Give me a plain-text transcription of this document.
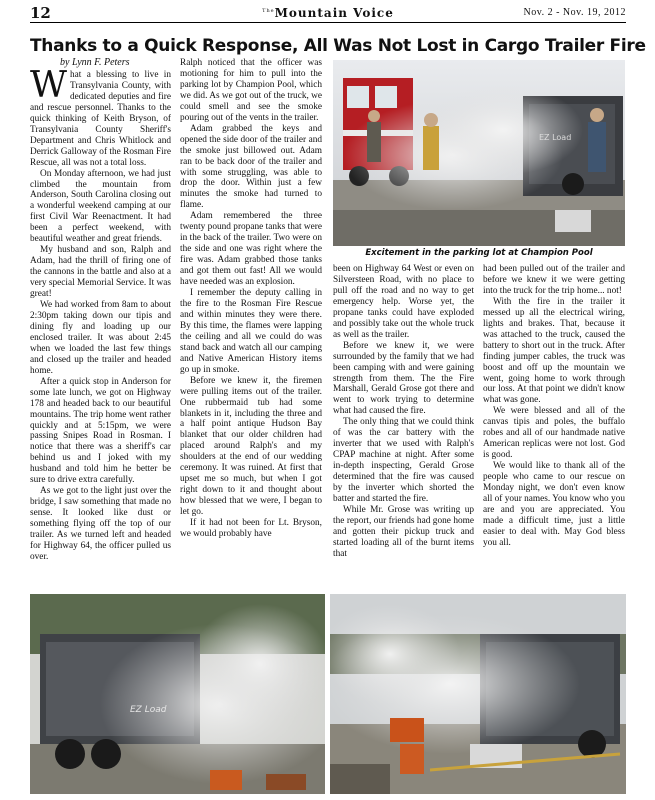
12	$^{The}$Mountain Voice	Nov. 2 - Nov. 19, 2012
Thanks to a Quick Response, All Was Not Lost in Cargo Trailer Fire
by Lynn F. Peters

What a blessing to live in Transylvania County, with dedicated deputies and fire and rescue personnel. Thanks to the quick thinking of Keith Bryson, of Transylvania County Sheriff's Department and Chris Whitlock and Derrick Galloway of the Rosman Fire Rescue, all was not a total loss.

On Monday afternoon, we had just climbed the mountain from Anderson, South Carolina closing out a wonderful weekend camping at our first Civil War Reenactment. It had been a perfect weekend, with beautiful weather and great friends.

My husband and son, Ralph and Adam, had the thrill of firing one of the cannons in the battle and also at a very special Memorial Service. It was great!

We had worked from 8am to about 2:30pm taking down our tipis and dining fly and loading up our enclosed trailer. It was about 2:45 when we loaded the last few things and closed up the trailer and headed home.

After a quick stop in Anderson for some late lunch, we got on Highway 178 and headed back to our beautiful mountains. The trip home went rather quickly and at 5:15pm, we were passing Snipes Road in Rosman. I notice that there was a sheriff's car behind us and I joked with my husband and told him he better be sure to drive extra carefully.

As we got to the light just over the bridge, I saw something that made no sense. It looked like dust or something flying off the top of our trailer. As we turned left and headed for Highway 64, the officer pulled us over.

Ralph noticed that the officer was motioning for him to pull into the parking lot by Champion Pool, which we did. As we got out of the truck, we could smell and see the smoke pouring out of the vents in the trailer.

Adam grabbed the keys and opened the side door of the trailer and the smoke just billowed out. Adam ran to be back door of the trailer and with some struggling, was able to drop the door. Within just a few minutes the smoke had turned to flame.

Adam remembered the three twenty pound propane tanks that were in the back of the trailer. Two were on the side and one was right where the fire was. Adam grabbed those tanks and got them out fast! All we would have needed was an explosion.

I remember the deputy calling in the fire to the Rosman Fire Rescue and within minutes they were there. By this time, the flames were lapping the ceiling and all we could do was stand back and watch all our camping and Native American History items go up in smoke.

Before we knew it, the firemen were pulling items out of the trailer. One rubbermaid tub had some blankets in it, including the three and a half point antique Hudson Bay blanket that our older children had placed around Ralph's and my shoulders at the end of our wedding ceremony. It was ruined. At first that upset me so much, but when I got right down to it and thought about how blessed that we were, I began to let go.

If it had not been for Lt. Bryson, we would probably have

EZ Load
Excitement in the parking lot at Champion Pool

been on Highway 64 West or even on Silversteen Road, with no place to pull off the road and no way to get emergency help. Worse yet, the propane tanks could have exploded and possibly take out the whole truck as well as the trailer.

Before we knew it, we were surrounded by the family that we had been camping with and were gaining strength from them. The the Fire Marshall, Gerald Grose got there and went to work trying to determine what had caused the fire.

The only thing that we could think of was the car battery with the inverter that we used with Ralph's CPAP machine at night. After some in-depth inspecting, Gerald Grose determined that the fire was caused by the inverter which shorted the batter and started the fire.

While Mr. Grose was writing up the report, our friends had gone home and gotten their pickup truck and started loading all of the burnt items that

had been pulled out of the trailer and before we knew it we were getting into the truck for the trip home... not!

With the fire in the trailer it messed up all the electrical wiring, lights and brakes. That, because it was attached to the truck, caused the battery to short out in the truck. After finding jumper cables, the truck was boost and off up the mountain we went, going home to work through our loss. At that point we didn't know what was gone.

We were blessed and all of the canvas tipis and poles, the buffalo robes and all of our handmade native American replicas were not lost. God is good.

We would like to thank all of the people who came to our rescue on Monday night, we don't even know all of your names. You know who you are and you are appreciated. You made a difficult time, just a little easier to deal with. May God bless you all.

EZ Load
